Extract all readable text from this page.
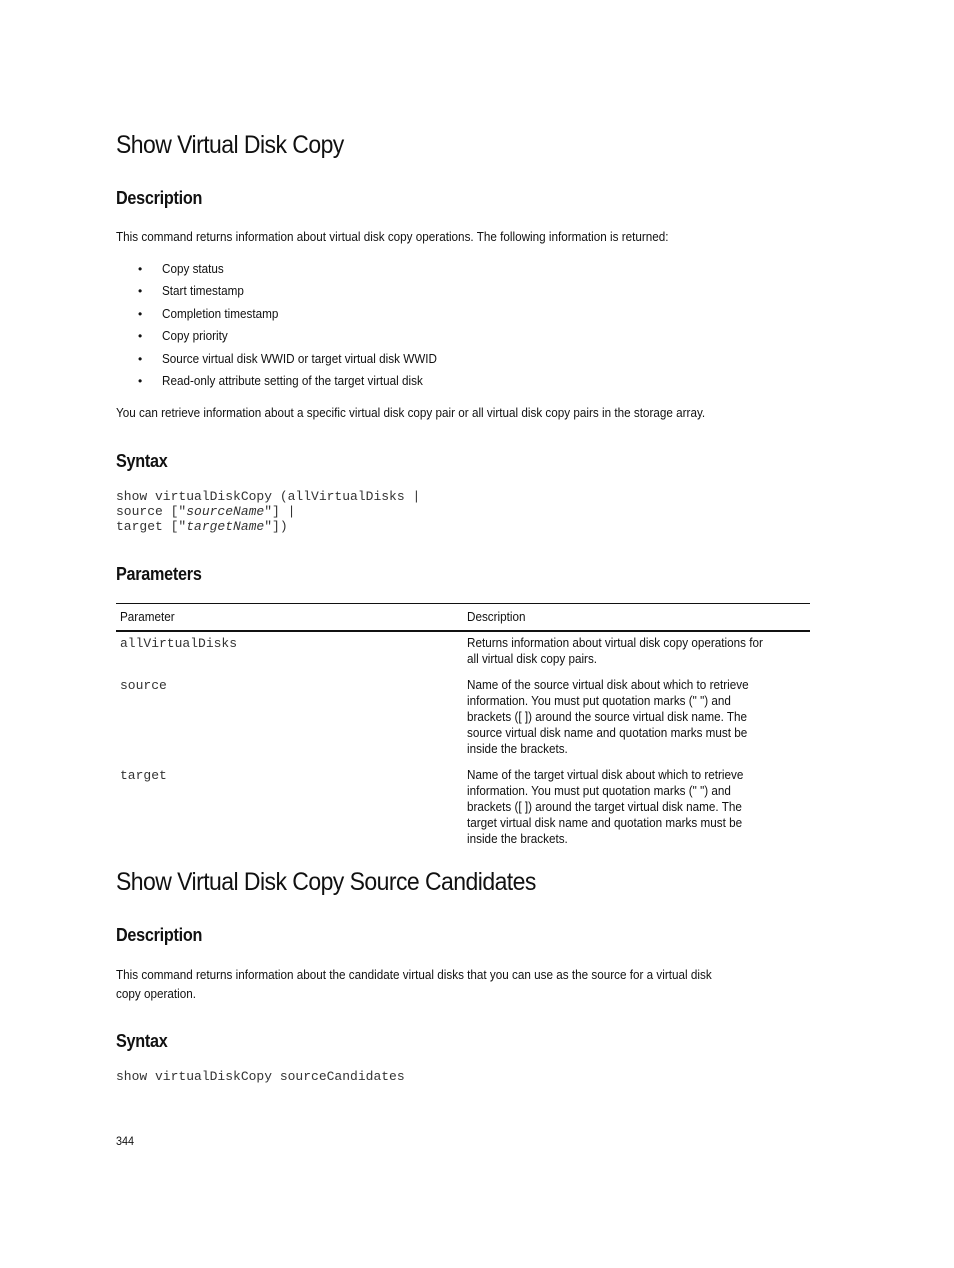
Show Virtual Disk Copy
Description
This command returns information about virtual disk copy operations. The following information is returned:
•	Copy status
•	Start timestamp
•	Completion timestamp
•	Copy priority
•	Source virtual disk WWID or target virtual disk WWID
•	Read-only attribute setting of the target virtual disk
You can retrieve information about a specific virtual disk copy pair or all virtual disk copy pairs in the storage array.
Syntax
show virtualDiskCopy (allVirtualDisks |
source ["sourceName"] |
target ["targetName"])
Parameters
Parameter	Description
allVirtualDisks	Returns information about virtual disk copy operations for
all virtual disk copy pairs.
source	Name of the source virtual disk about which to retrieve
information. You must put quotation marks (" ") and
brackets ([ ]) around the source virtual disk name. The
source virtual disk name and quotation marks must be
inside the brackets.
target	Name of the target virtual disk about which to retrieve
information. You must put quotation marks (" ") and
brackets ([ ]) around the target virtual disk name. The
target virtual disk name and quotation marks must be
inside the brackets.
Show Virtual Disk Copy Source Candidates
Description
This command returns information about the candidate virtual disks that you can use as the source for a virtual disk
copy operation.
Syntax
show virtualDiskCopy sourceCandidates
344
